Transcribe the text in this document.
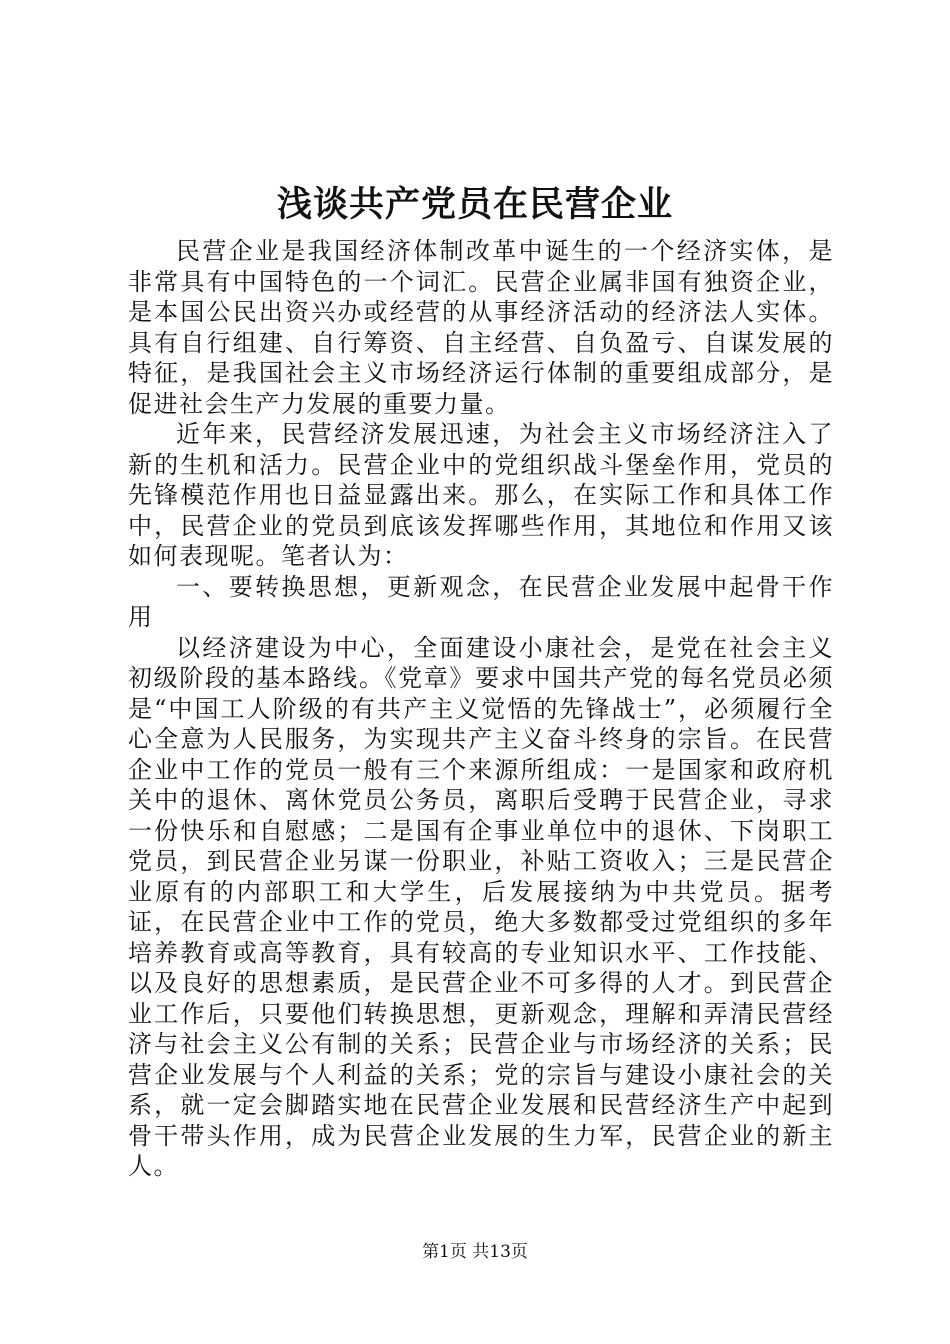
浅谈共产党员在民营企业

民营企业是我国经济体制改革中诞生的一个经济实体，是非常具有中国特色的一个词汇。民营企业属非国有独资企业，是本国公民出资兴办或经营的从事经济活动的经济法人实体。具有自行组建、自行筹资、自主经营、自负盈亏、自谋发展的特征，是我国社会主义市场经济运行体制的重要组成部分，是促进社会生产力发展的重要力量。

近年来，民营经济发展迅速，为社会主义市场经济注入了新的生机和活力。民营企业中的党组织战斗堡垒作用，党员的先锋模范作用也日益显露出来。那么，在实际工作和具体工作中，民营企业的党员到底该发挥哪些作用，其地位和作用又该如何表现呢。笔者认为：

一、要转换思想，更新观念，在民营企业发展中起骨干作用

以经济建设为中心，全面建设小康社会，是党在社会主义初级阶段的基本路线。《党章》要求中国共产党的每名党员必须是“中国工人阶级的有共产主义觉悟的先锋战士”，必须履行全心全意为人民服务，为实现共产主义奋斗终身的宗旨。在民营企业中工作的党员一般有三个来源所组成：一是国家和政府机关中的退休、离休党员公务员，离职后受聘于民营企业，寻求一份快乐和自慰感；二是国有企事业单位中的退休、下岗职工党员，到民营企业另谋一份职业，补贴工资收入；三是民营企业原有的内部职工和大学生，后发展接纳为中共党员。据考证，在民营企业中工作的党员，绝大多数都受过党组织的多年培养教育或高等教育，具有较高的专业知识水平、工作技能、以及良好的思想素质，是民营企业不可多得的人才。到民营企业工作后，只要他们转换思想，更新观念，理解和弄清民营经济与社会主义公有制的关系；民营企业与市场经济的关系；民营企业发展与个人利益的关系；党的宗旨与建设小康社会的关系，就一定会脚踏实地在民营企业发展和民营经济生产中起到骨干带头作用，成为民营企业发展的生力军，民营企业的新主人。

第1页 共13页
